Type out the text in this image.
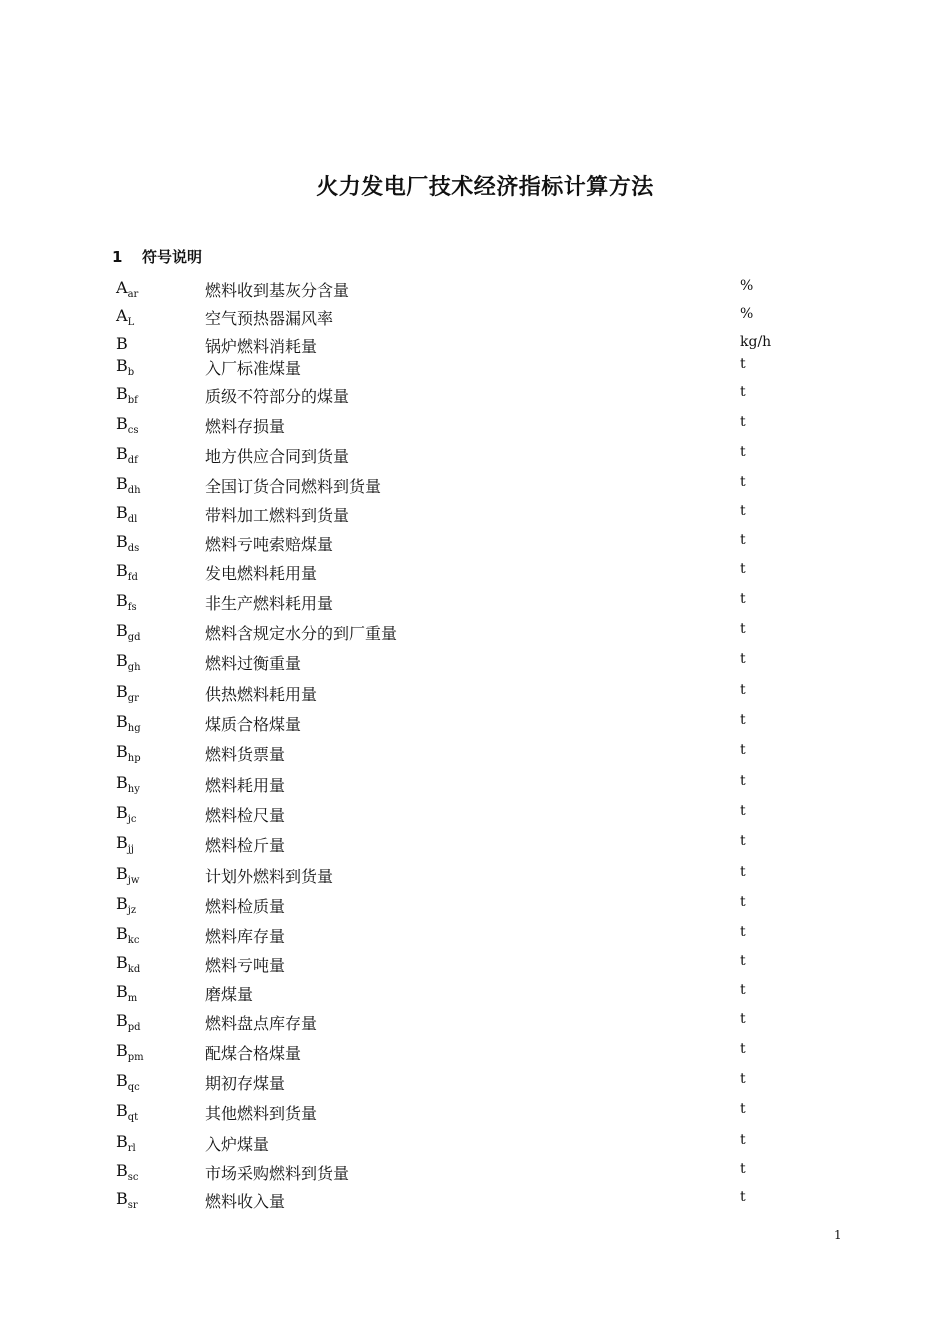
火力发电厂技术经济指标计算方法
1 符号说明
$A_{ar}$	燃料收到基灰分含量	%
$A_L$	空气预热器漏风率	%
B	锅炉燃料消耗量	kg/h
$B_b$	入厂标准煤量	t
$B_{bf}$	质级不符部分的煤量	t
$B_{cs}$	燃料存损量	t
$B_{df}$	地方供应合同到货量	t
$B_{dh}$	全国订货合同燃料到货量	t
$B_{dl}$	带料加工燃料到货量	t
$B_{ds}$	燃料亏吨索赔煤量	t
$B_{fd}$	发电燃料耗用量	t
$B_{fs}$	非生产燃料耗用量	t
$B_{gd}$	燃料含规定水分的到厂重量	t
$B_{gh}$	燃料过衡重量	t
$B_{gr}$	供热燃料耗用量	t
$B_{hg}$	煤质合格煤量	t
$B_{hp}$	燃料货票量	t
$B_{hy}$	燃料耗用量	t
$B_{jc}$	燃料检尺量	t
$B_{jj}$	燃料检斤量	t
$B_{jw}$	计划外燃料到货量	t
$B_{jz}$	燃料检质量	t
$B_{kc}$	燃料库存量	t
$B_{kd}$	燃料亏吨量	t
$B_m$	磨煤量	t
$B_{pd}$	燃料盘点库存量	t
$B_{pm}$	配煤合格煤量	t
$B_{qc}$	期初存煤量	t
$B_{qt}$	其他燃料到货量	t
$B_{rl}$	入炉煤量	t
$B_{sc}$	市场采购燃料到货量	t
$B_{sr}$	燃料收入量	t
1
